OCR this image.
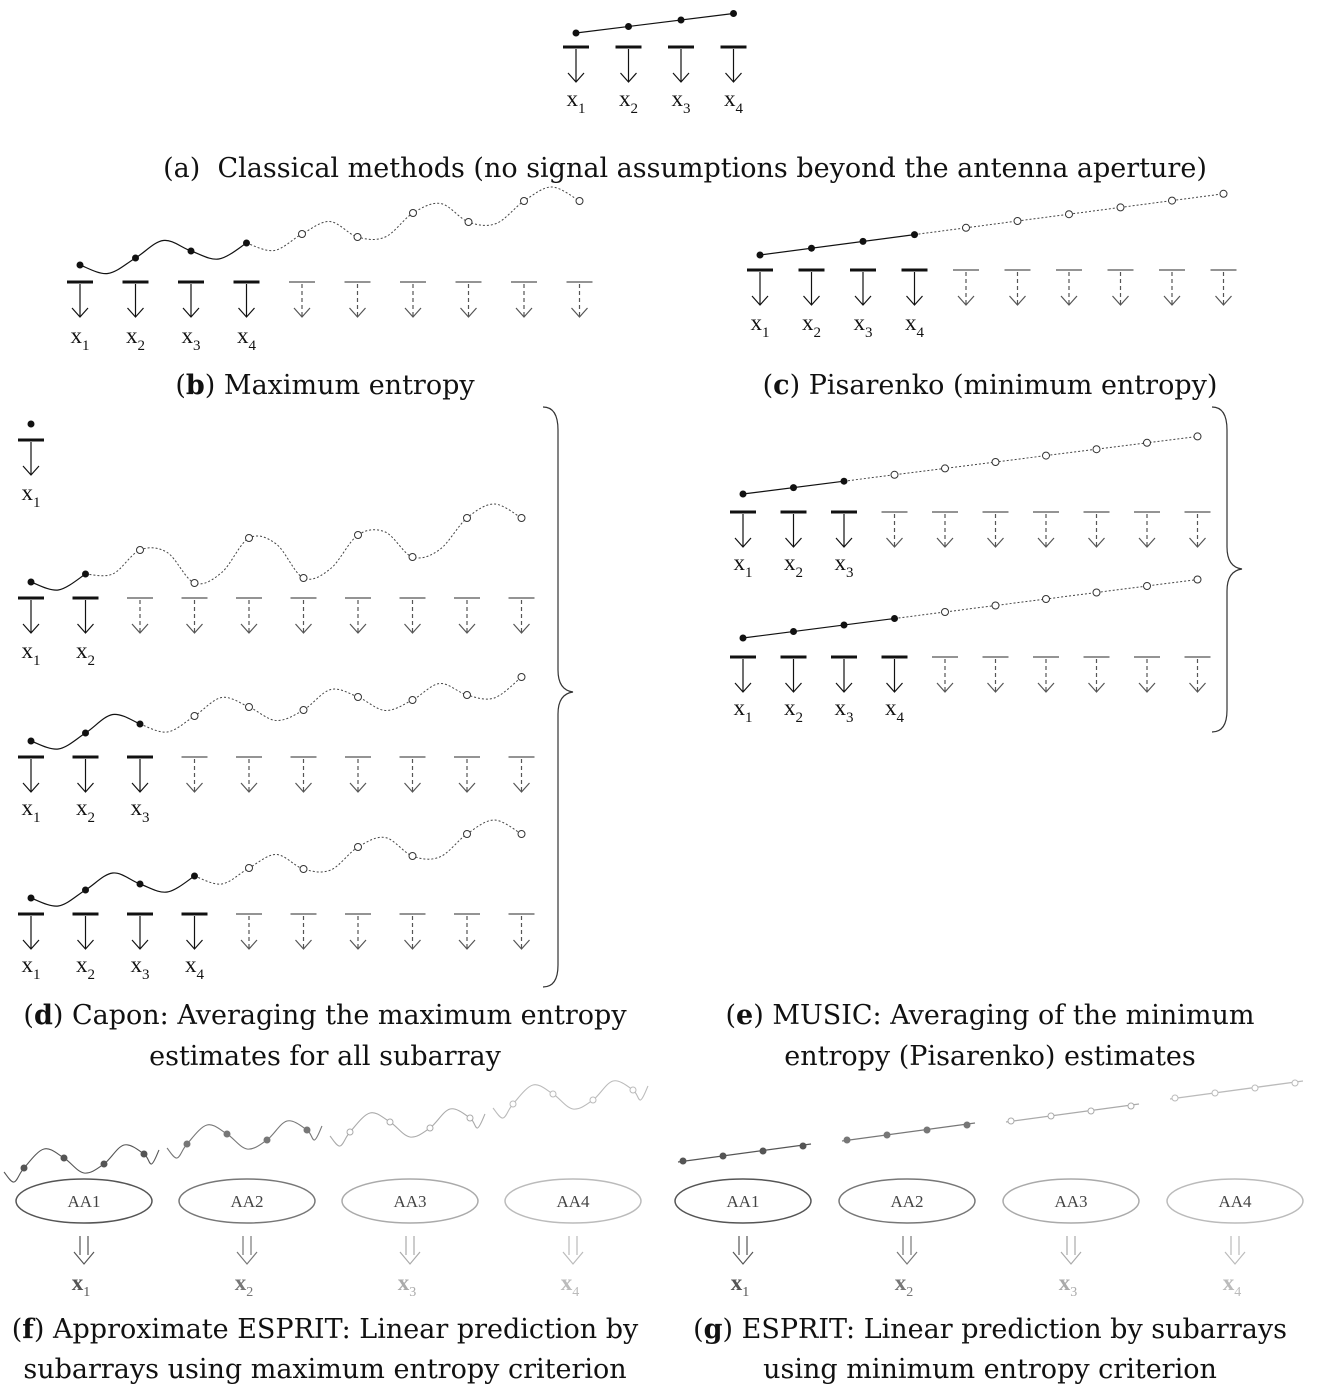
$x_1$ $x_2$ $x_3$ $x_4$
$x_1$ $x_2$ $x_3$ $x_4$
$x_1$ $x_2$ $x_3$ $x_4$
$x_1$
$x_1$ $x_2$
$x_1$ $x_2$ $x_3$
$x_1$ $x_2$ $x_3$ $x_4$
$x_1$ $x_2$ $x_3$
$x_1$ $x_2$ $x_3$ $x_4$
AA1
$x_1$
AA2
$x_2$
AA3
$x_3$
AA4
$x_4$
AA1
$x_1$
AA2
$x_2$
AA3
$x_3$
AA4
$x_4$
(a)  Classical methods (no signal assumptions beyond the antenna aperture)
(b) Maximum entropy	(c) Pisarenko (minimum entropy)
(d) Capon: Averaging the maximum entropy
estimates for all subarray
(e) MUSIC: Averaging of the minimum
entropy (Pisarenko) estimates
(f) Approximate ESPRIT: Linear prediction by
subarrays using maximum entropy criterion
(g) ESPRIT: Linear prediction by subarrays
using minimum entropy criterion
